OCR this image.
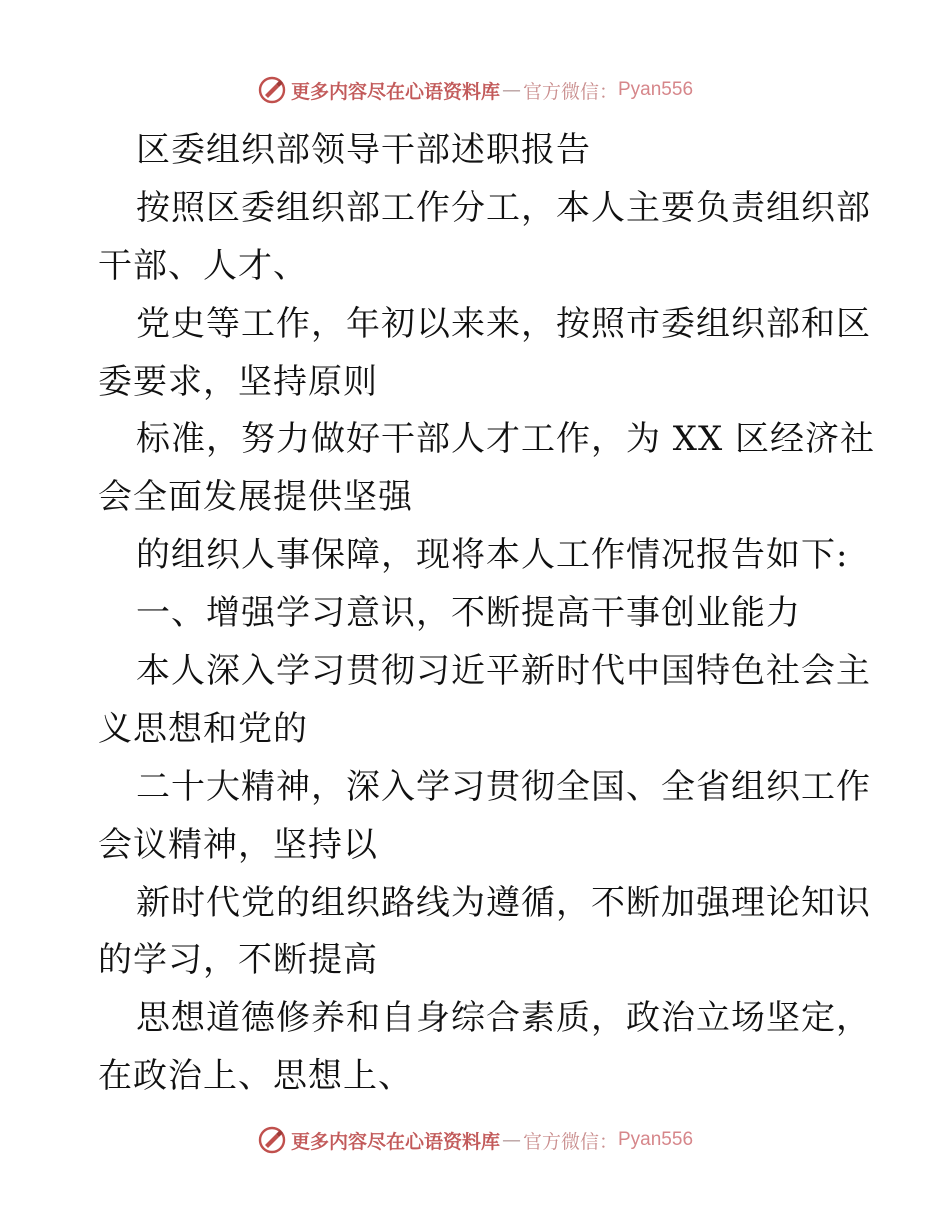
更多内容尽在心语资料库 — 官方微信： Pyan556
区委组织部领导干部述职报告
按照区委组织部工作分工，本人主要负责组织部
干部、人才、
党史等工作，年初以来来，按照市委组织部和区
委要求，坚持原则
标准，努力做好干部人才工作，为 XX 区经济社
会全面发展提供坚强
的组织人事保障，现将本人工作情况报告如下:
一、增强学习意识，不断提高干事创业能力
本人深入学习贯彻习近平新时代中国特色社会主
义思想和党的
二十大精神，深入学习贯彻全国、全省组织工作
会议精神，坚持以
新时代党的组织路线为遵循，不断加强理论知识
的学习，不断提高
思想道德修养和自身综合素质，政治立场坚定，
在政治上、思想上、
更多内容尽在心语资料库 — 官方微信： Pyan556
